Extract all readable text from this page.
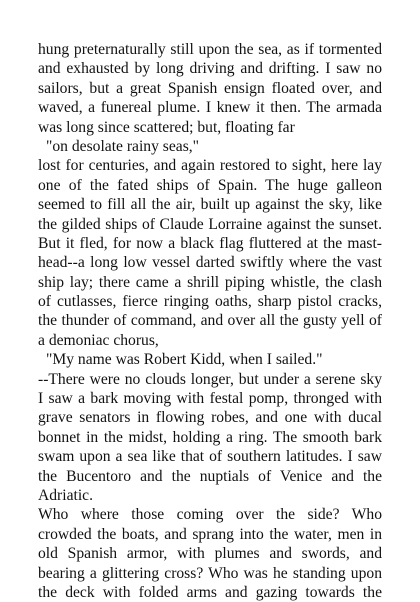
hung preternaturally still upon the sea, as if tormented
and exhausted by long driving and drifting. I saw no
sailors, but a great Spanish ensign floated over, and
waved, a funereal plume. I knew it then. The armada
was long since scattered; but, floating far
"on desolate rainy seas,"
lost for centuries, and again restored to sight, here lay
one of the fated ships of Spain. The huge galleon
seemed to fill all the air, built up against the sky, like
the gilded ships of Claude Lorraine against the sunset.
But it fled, for now a black flag fluttered at the mast-
head--a long low vessel darted swiftly where the vast
ship lay; there came a shrill piping whistle, the clash
of cutlasses, fierce ringing oaths, sharp pistol cracks,
the thunder of command, and over all the gusty yell of
a demoniac chorus,
"My name was Robert Kidd, when I sailed."
--There were no clouds longer, but under a serene sky
I saw a bark moving with festal pomp, thronged with
grave senators in flowing robes, and one with ducal
bonnet in the midst, holding a ring. The smooth bark
swam upon a sea like that of southern latitudes. I saw
the Bucentoro and the nuptials of Venice and the
Adriatic.
Who where those coming over the side? Who
crowded the boats, and sprang into the water, men in
old Spanish armor, with plumes and swords, and
bearing a glittering cross? Who was he standing upon
the deck with folded arms and gazing towards the
